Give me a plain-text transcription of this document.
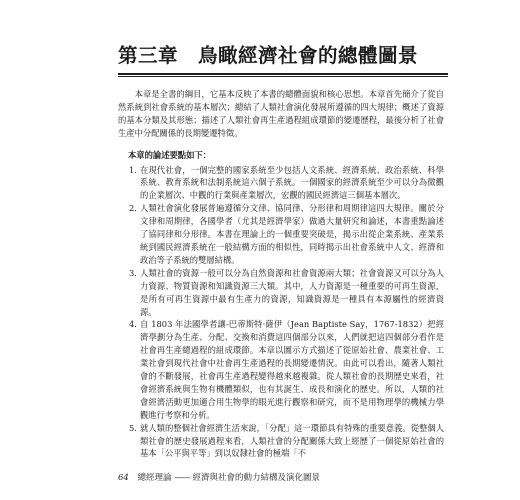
第三章　鳥瞰經濟社會的總體圖景

本章是全書的綱目，它基本反映了本書的總體面貌和核心思想。本章首先簡介了從自然系統到社會系統的基本層次；總結了人類社會演化發展所遵循的四大規律；概述了資源的基本分類及其形態；描述了人類社會再生產過程組成環節的變遷歷程，最後分析了社會生產中分配關係的長期變遷特徵。

本章的論述要點如下：
1. 在現代社會，一個完整的國家系統至少包括人文系統、經濟系統、政治系統、科學系統、教育系統和法制系統這六個子系統。一個國家的經濟系統至少可以分為微觀的企業層次、中觀的行業與產業層次，宏觀的國民經濟這三個基本層次。
2. 人類社會演化發展普遍遵循分文律、協同律、分形律和周期律這四大規律。關於分文律和周期律，各國學者（尤其是經濟學家）做過大量研究和論述，本書重點論述了協同律和分形律。本書在理論上的一個重要突破是，揭示出從企業系統、產業系統到國民經濟系統在一般結構方面的相似性，同時揭示出社會系統中人文、經濟和政治等子系統的雙層結構。
3. 人類社會的資源一般可以分為自然資源和社會資源兩大類；社會資源又可以分為人力資源、物質資源和知識資源三大類。其中，人力資源是一種重要的可再生資源，是所有可再生資源中最有生產力的資源，知識資源是一種具有本源屬性的經濟資源。
4. 自 1803 年法國學者讓-巴蒂斯特·薩伊（Jean Baptiste Say，1767-1832）把經濟學劃分為生產、分配、交換和消費這四個部分以來，人們就把這四個部分看作是社會再生產總過程的組成環節。本章以圖示方式描述了從原始社會、農業社會、工業社會到現代社會中社會再生產過程的長期變遷情況。由此可以看出，隨著人類社會的不斷發展，社會再生產過程變得越來越複雜。從人類社會的長期歷史來看，社會經濟系統與生物有機體類似，也有其誕生、成長和演化的歷史。所以，人類的社會經濟活動更加適合用生物學的眼光進行觀察和研究，而不是用物理學的機械力學觀進行考察和分析。
5. 就人類的整個社會經濟生活來說，「分配」這一環節具有特殊的重要意義。從整個人類社會的歷史發展過程來看，人類社會的分配關係大致上經歷了一個從原始社會的基本「公平與平等」到以奴隸社會的極端「不
64 總經理論 —— 經濟與社會的動力結構及演化圖景
